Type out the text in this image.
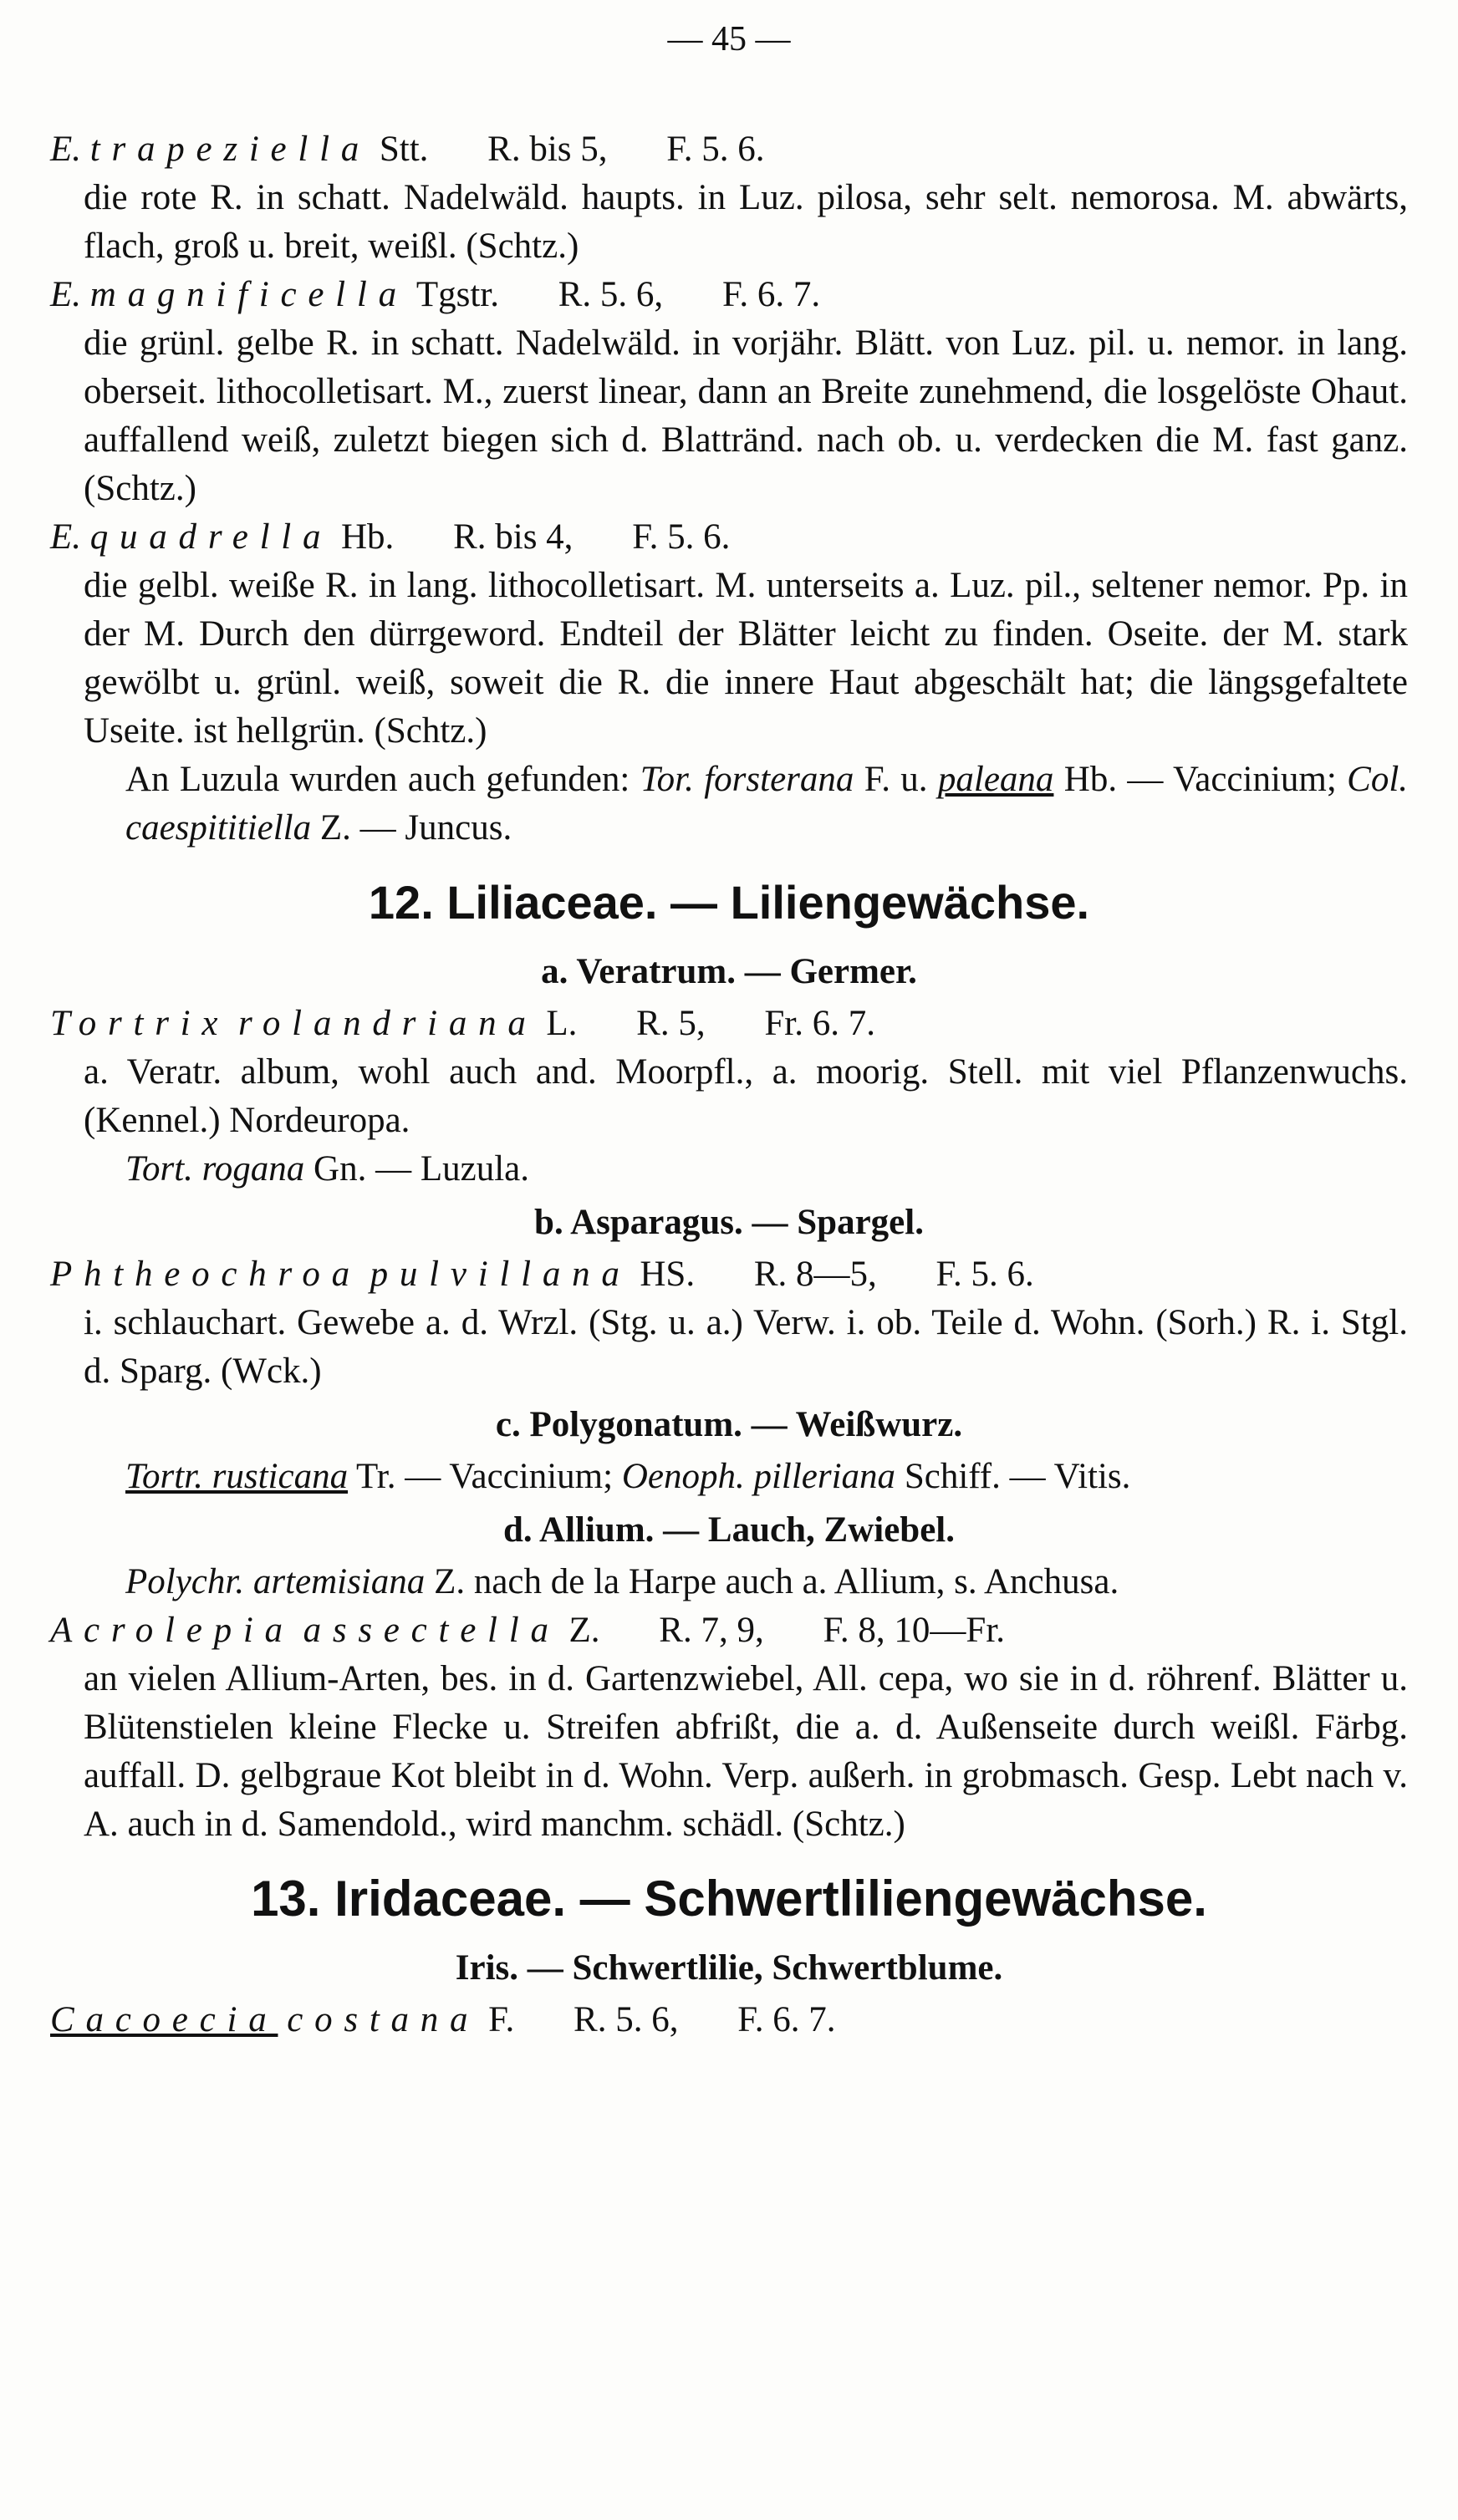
— 45 —
E. trapeziella Stt. R. bis 5, F. 5. 6.
die rote R. in schatt. Nadelwäld. haupts. in Luz. pilosa, sehr selt. nemorosa. M. abwärts, flach, groß u. breit, weißl. (Schtz.)
E. magnificella Tgstr. R. 5. 6, F. 6. 7.
die grünl. gelbe R. in schatt. Nadelwäld. in vorjähr. Blätt. von Luz. pil. u. nemor. in lang. oberseit. lithocolletisart. M., zuerst linear, dann an Breite zunehmend, die losgelöste Ohaut. auffallend weiß, zuletzt biegen sich d. Blattränd. nach ob. u. verdecken die M. fast ganz. (Schtz.)
E. quadrella Hb. R. bis 4, F. 5. 6.
die gelbl. weiße R. in lang. lithocolletisart. M. unterseits a. Luz. pil., seltener nemor. Pp. in der M. Durch den dürrgeword. Endteil der Blätter leicht zu finden. Oseite. der M. stark gewölbt u. grünl. weiß, soweit die R. die innere Haut abgeschält hat; die längsgefaltete Useite. ist hellgrün. (Schtz.)
An Luzula wurden auch gefunden: Tor. forsterana F. u. paleana Hb. — Vaccinium; Col. caespititiella Z. — Juncus.
12. Liliaceae. — Liliengewächse.
a. Veratrum. — Germer.
Tortrix rolandriana L. R. 5, Fr. 6. 7.
a. Veratr. album, wohl auch and. Moorpfl., a. moorig. Stell. mit viel Pflanzenwuchs. (Kennel.) Nordeuropa.
Tort. rogana Gn. — Luzula.
b. Asparagus. — Spargel.
Phtheochroa pulvillana HS. R. 8—5, F. 5. 6.
i. schlauchart. Gewebe a. d. Wrzl. (Stg. u. a.) Verw. i. ob. Teile d. Wohn. (Sorh.) R. i. Stgl. d. Sparg. (Wck.)
c. Polygonatum. — Weißwurz.
Tortr. rusticana Tr. — Vaccinium; Oenoph. pilleriana Schiff. — Vitis.
d. Allium. — Lauch, Zwiebel.
Polychr. artemisiana Z. nach de la Harpe auch a. Allium, s. Anchusa.
Acrolepia assectella Z. R. 7, 9, F. 8, 10—Fr.
an vielen Allium-Arten, bes. in d. Gartenzwiebel, All. cepa, wo sie in d. röhrenf. Blätter u. Blütenstielen kleine Flecke u. Streifen abfrißt, die a. d. Außenseite durch weißl. Färbg. auffall. D. gelbgraue Kot bleibt in d. Wohn. Verp. außerh. in grobmasch. Gesp. Lebt nach v. A. auch in d. Samendold., wird manchm. schädl. (Schtz.)
13. Iridaceae. — Schwertliliengewächse.
Iris. — Schwertlilie, Schwertblume.
Cacoecia costana F. R. 5. 6, F. 6. 7.
